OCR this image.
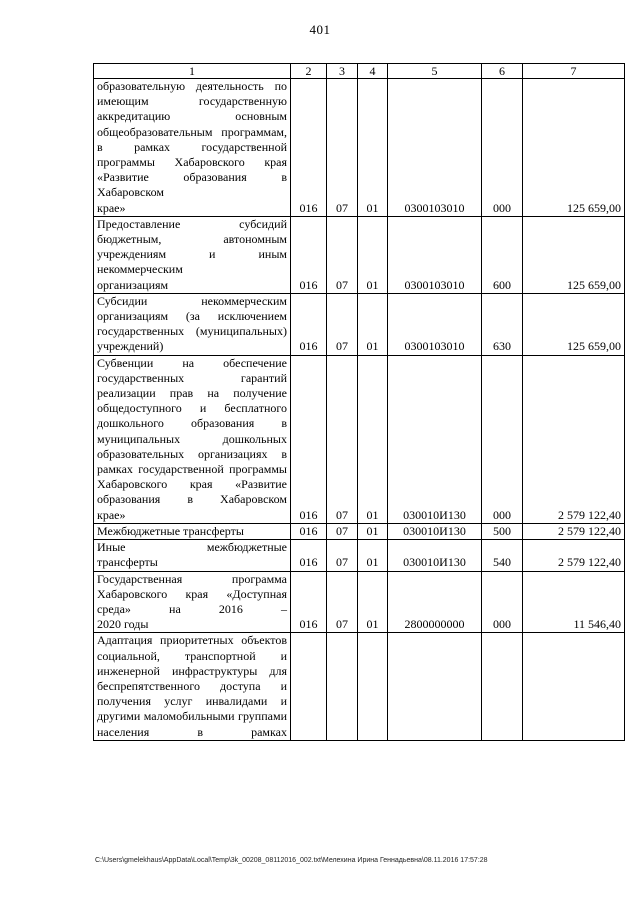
401
1	2	3	4	5	6	7
образовательную деятельность по имеющим государственную аккредитацию основным общеобразовательным программам, в рамках государственной программы Хабаровского края «Развитие образования в Хабаровском
крае»	016	07	01	0300103010	000	125 659,00
Предоставление субсидий бюджетным, автономным учреждениям и иным некоммерческим
организациям	016	07	01	0300103010	600	125 659,00
Субсидии некоммерческим организациям (за исключением государственных (муниципальных)
учреждений)	016	07	01	0300103010	630	125 659,00
Субвенции на обеспечение государственных гарантий реализации прав на получение общедоступного и бесплатного дошкольного образования в муниципальных дошкольных образовательных организациях в рамках государственной программы Хабаровского края «Развитие образования в Хабаровском
крае»	016	07	01	030010И130	000	2 579 122,40

Межбюджетные трансферты	016	07	01	030010И130	500	2 579 122,40
Иные межбюджетные
трансферты	016	07	01	030010И130	540	2 579 122,40
Государственная программа Хабаровского края «Доступная среда» на 2016 –
2020 годы	016	07	01	2800000000	000	11 546,40
Адаптация приоритетных объектов социальной, транспортной и инженерной инфраструктуры для беспрепятственного доступа и получения услуг инвалидами и другими маломобильными группами населения в рамках

C:\Users\gmelekhaus\AppData\Local\Temp\3k_00208_08112016_002.txt\Мелехина Ирина Геннадьевна\08.11.2016 17:57:28
